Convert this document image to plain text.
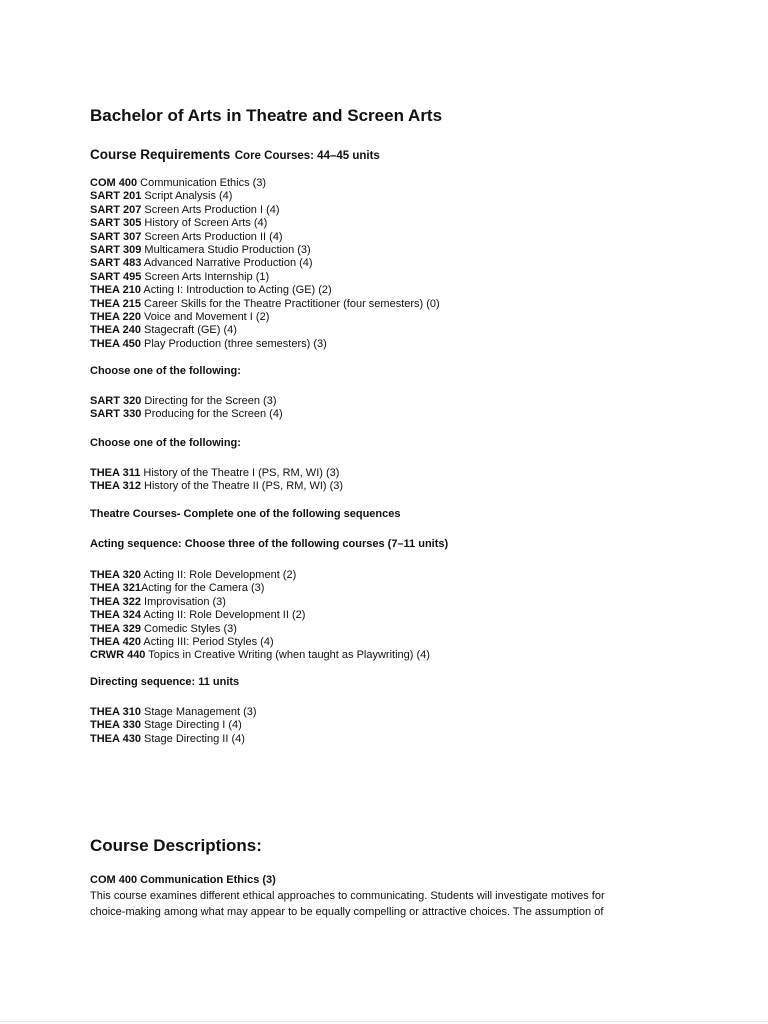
Bachelor of Arts in Theatre and Screen Arts
Course Requirements Core Courses: 44–45 units
COM 400 Communication Ethics (3)
SART 201 Script Analysis (4)
SART 207 Screen Arts Production I (4)
SART 305 History of Screen Arts (4)
SART 307 Screen Arts Production II (4)
SART 309 Multicamera Studio Production (3)
SART 483 Advanced Narrative Production (4)
SART 495 Screen Arts Internship (1)
THEA 210 Acting I: Introduction to Acting (GE) (2)
THEA 215 Career Skills for the Theatre Practitioner (four semesters) (0)
THEA 220 Voice and Movement I (2)
THEA 240 Stagecraft (GE) (4)
THEA 450 Play Production (three semesters) (3)

Choose one of the following:

SART 320 Directing for the Screen (3)
SART 330 Producing for the Screen (4)

Choose one of the following:

THEA 311 History of the Theatre I (PS, RM, WI) (3)
THEA 312 History of the Theatre II (PS, RM, WI) (3)

Theatre Courses- Complete one of the following sequences

Acting sequence: Choose three of the following courses (7–11 units)

THEA 320 Acting II: Role Development (2)
THEA 321Acting for the Camera (3)
THEA 322 Improvisation (3)
THEA 324 Acting II: Role Development II (2)
THEA 329 Comedic Styles (3)
THEA 420 Acting III: Period Styles (4)
CRWR 440 Topics in Creative Writing (when taught as Playwriting) (4)

Directing sequence: 11 units

THEA 310 Stage Management (3)
THEA 330 Stage Directing I (4)
THEA 430 Stage Directing II (4)
Course Descriptions:

COM 400 Communication Ethics (3)

This course examines different ethical approaches to communicating. Students will investigate motives for choice-making among what may appear to be equally compelling or attractive choices. The assumption of
